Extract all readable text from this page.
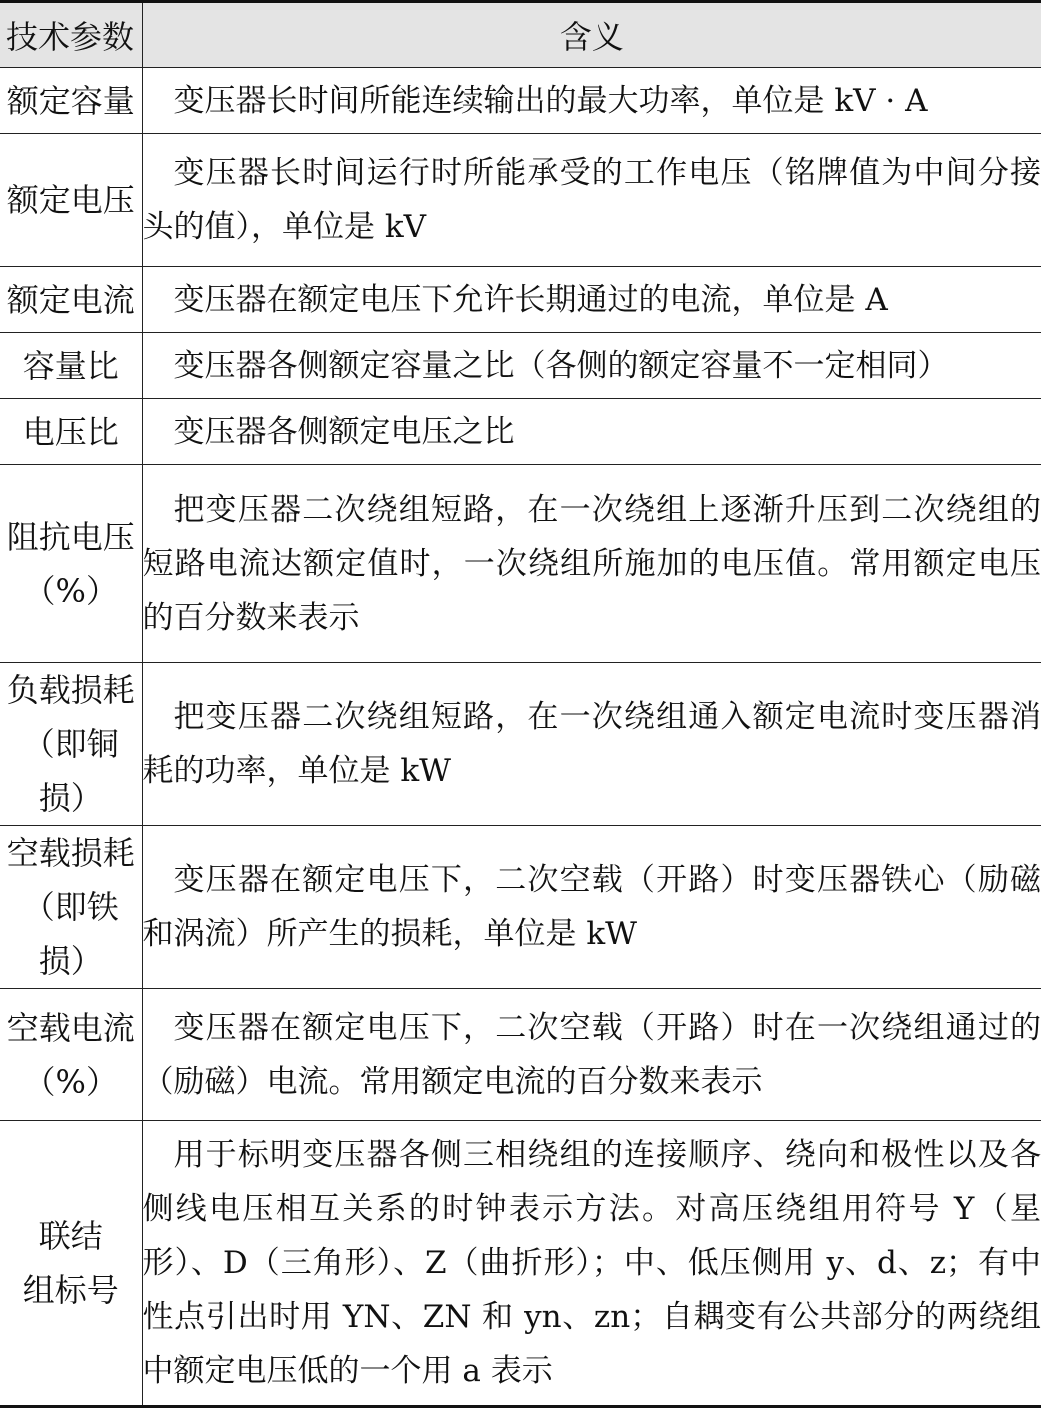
技术参数	含义

额定容量	变压器长时间所能连续输出的最大功率，单位是 kV · A

额定电压	变压器长时间运行时所能承受的工作电压（铭牌值为中间分接头的值），单位是 kV

额定电流	变压器在额定电压下允许长期通过的电流，单位是 A

容量比	变压器各侧额定容量之比（各侧的额定容量不一定相同）

电压比	变压器各侧额定电压之比

阻抗电压
（%）	把变压器二次绕组短路，在一次绕组上逐渐升压到二次绕组的短路电流达额定值时，一次绕组所施加的电压值。常用额定电压的百分数来表示

负载损耗
（即铜损）	把变压器二次绕组短路，在一次绕组通入额定电流时变压器消耗的功率，单位是 kW

空载损耗
（即铁损）	变压器在额定电压下，二次空载（开路）时变压器铁心（励磁和涡流）所产生的损耗，单位是 kW

空载电流
（%）	变压器在额定电压下，二次空载（开路）时在一次绕组通过的（励磁）电流。常用额定电流的百分数来表示

联结
组标号	用于标明变压器各侧三相绕组的连接顺序、绕向和极性以及各侧线电压相互关系的时钟表示方法。对高压绕组用符号 Y（星形）、D（三角形）、Z（曲折形）；中、低压侧用 y、d、z；有中性点引出时用 YN、ZN 和 yn、zn；自耦变有公共部分的两绕组中额定电压低的一个用 a 表示
